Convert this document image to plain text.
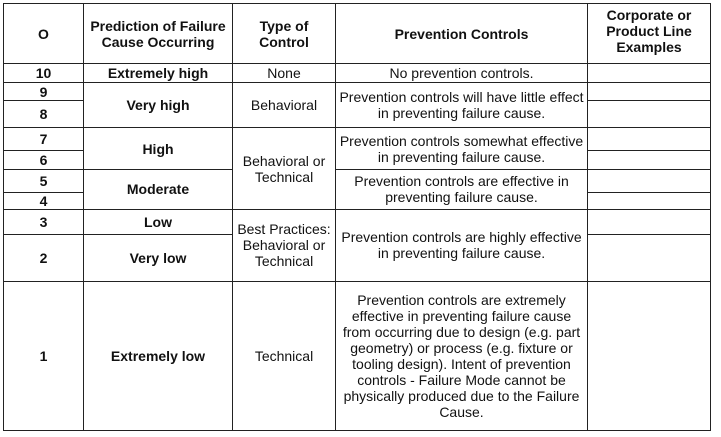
O	Prediction of Failure Cause Occurring	Type of Control	Prevention Controls	Corporate or Product Line Examples
10	Extremely high	None	No prevention controls.	
9	Very high	Behavioral	Prevention controls will have little effect in preventing failure cause.	
8				
7	High	Behavioral or Technical	Prevention controls somewhat effective in preventing failure cause.	
6				
5	Moderate		Prevention controls are effective in preventing failure cause.	
4				
3	Low	Best Practices: Behavioral or Technical	Prevention controls are highly effective in preventing failure cause.	
2	Very low			
1	Extremely low	Technical	Prevention controls are extremely effective in preventing failure cause from occurring due to design (e.g. part geometry) or process (e.g. fixture or tooling design). Intent of prevention controls - Failure Mode cannot be physically produced due to the Failure Cause.	
